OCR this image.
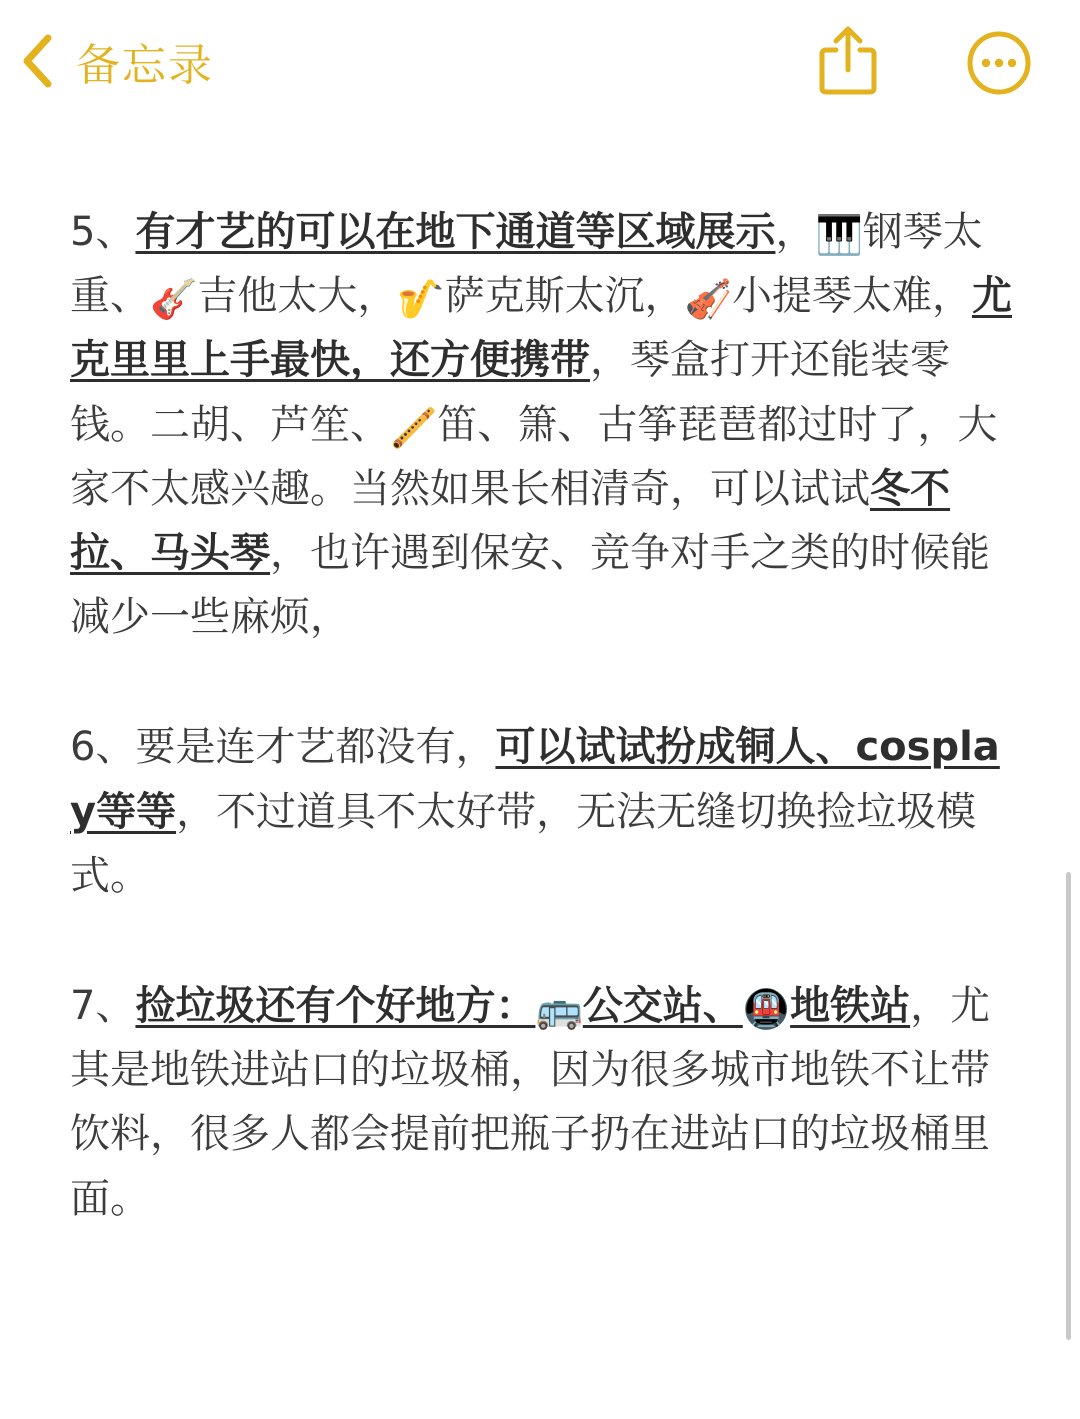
备忘录

5、有才艺的可以在地下通道等区域展示，🎹钢琴太重、🎸吉他太大，🎷萨克斯太沉，🎻小提琴太难，尤克里里上手最快，还方便携带，琴盒打开还能装零钱。二胡、芦笙、🪈笛、箫、古筝琵琶都过时了，大家不太感兴趣。当然如果长相清奇，可以试试冬不拉、马头琴，也许遇到保安、竞争对手之类的时候能减少一些麻烦，

6、要是连才艺都没有，可以试试扮成铜人、cosplay等等，不过道具不太好带，无法无缝切换捡垃圾模式。

7、捡垃圾还有个好地方：🚌公交站、🚇地铁站，尤其是地铁进站口的垃圾桶，因为很多城市地铁不让带饮料，很多人都会提前把瓶子扔在进站口的垃圾桶里面。
